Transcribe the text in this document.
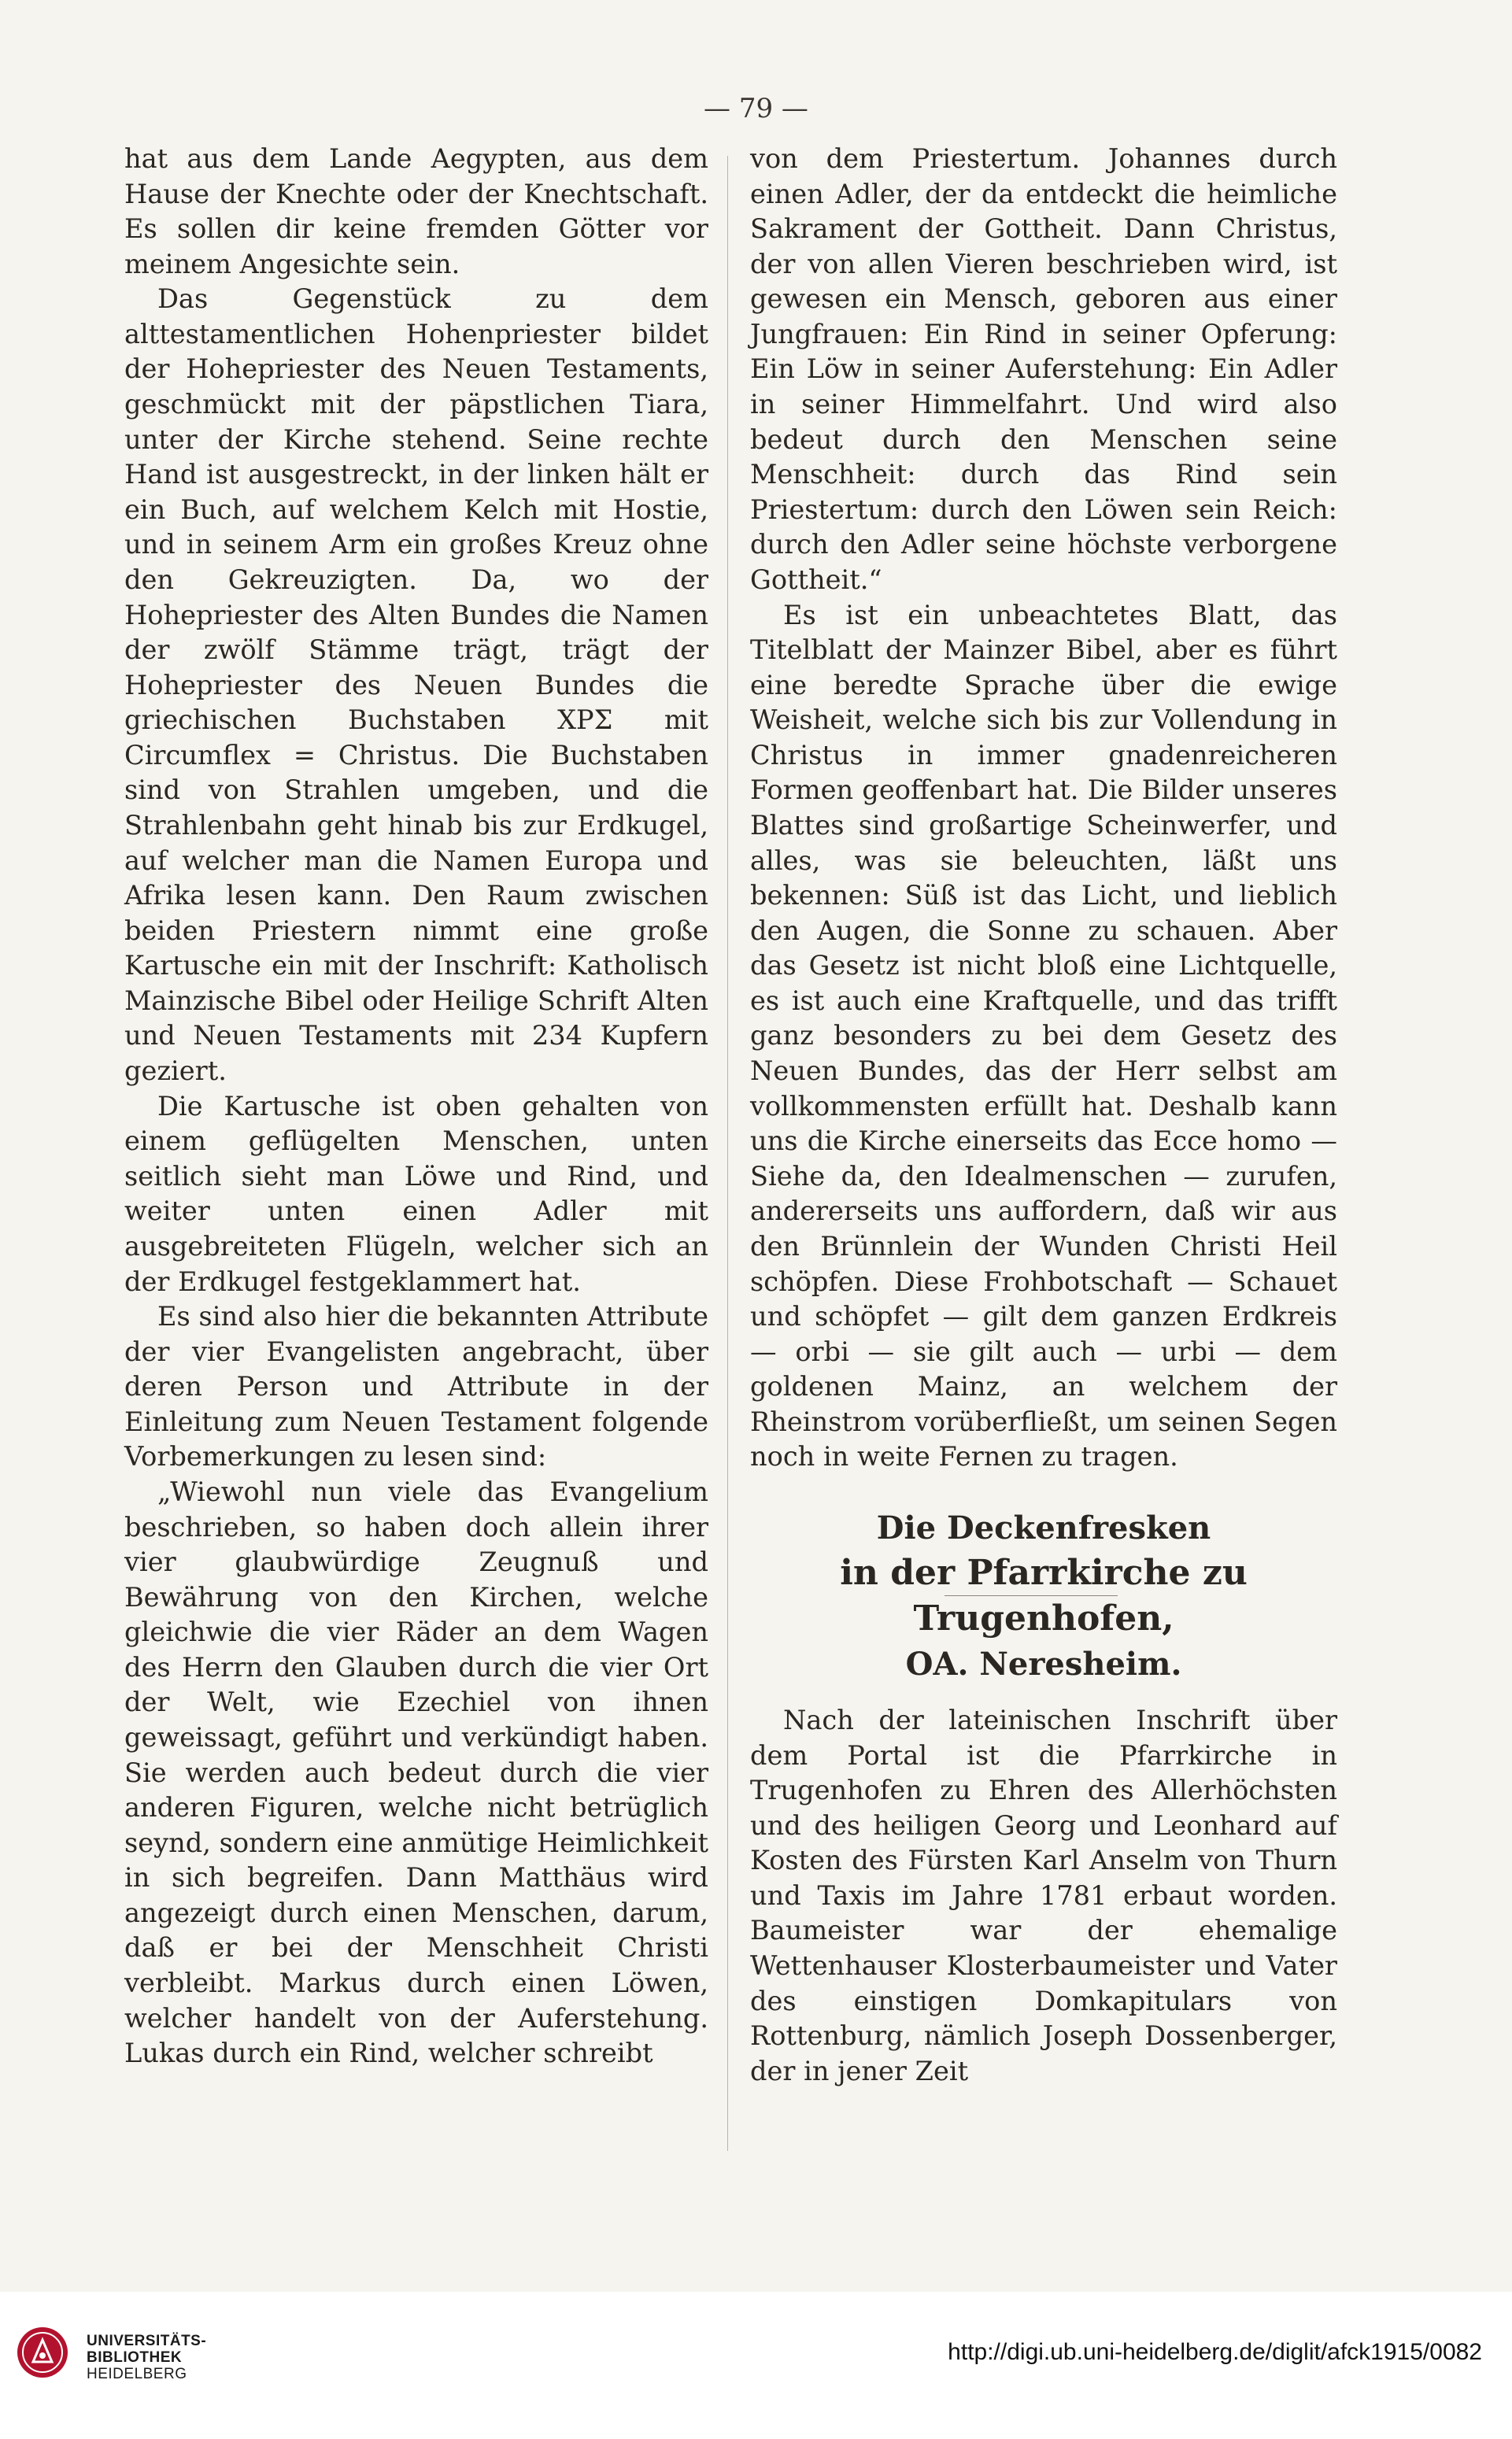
— 79 —

hat aus dem Lande Aegypten, aus dem Hause der Knechte oder der Knechtschaft. Es sollen dir keine fremden Götter vor meinem Angesichte sein.

Das Gegenstück zu dem alttestamentlichen Hohenpriester bildet der Hohepriester des Neuen Testaments, geschmückt mit der päpstlichen Tiara, unter der Kirche stehend. Seine rechte Hand ist ausgestreckt, in der linken hält er ein Buch, auf welchem Kelch mit Hostie, und in seinem Arm ein großes Kreuz ohne den Gekreuzigten. Da, wo der Hohepriester des Alten Bundes die Namen der zwölf Stämme trägt, trägt der Hohepriester des Neuen Bundes die griechischen Buchstaben XPΣ mit Circumflex = Christus. Die Buchstaben sind von Strahlen umgeben, und die Strahlenbahn geht hinab bis zur Erdkugel, auf welcher man die Namen Europa und Afrika lesen kann. Den Raum zwischen beiden Priestern nimmt eine große Kartusche ein mit der Inschrift: Katholisch Mainzische Bibel oder Heilige Schrift Alten und Neuen Testaments mit 234 Kupfern geziert.

Die Kartusche ist oben gehalten von einem geflügelten Menschen, unten seitlich sieht man Löwe und Rind, und weiter unten einen Adler mit ausgebreiteten Flügeln, welcher sich an der Erdkugel festgeklammert hat.

Es sind also hier die bekannten Attribute der vier Evangelisten angebracht, über deren Person und Attribute in der Einleitung zum Neuen Testament folgende Vorbemerkungen zu lesen sind:

„Wiewohl nun viele das Evangelium beschrieben, so haben doch allein ihrer vier glaubwürdige Zeugnuß und Bewährung von den Kirchen, welche gleichwie die vier Räder an dem Wagen des Herrn den Glauben durch die vier Ort der Welt, wie Ezechiel von ihnen geweissagt, geführt und verkündigt haben. Sie werden auch bedeut durch die vier anderen Figuren, welche nicht betrüglich seynd, sondern eine anmütige Heimlichkeit in sich begreifen. Dann Matthäus wird angezeigt durch einen Menschen, darum, daß er bei der Menschheit Christi verbleibt. Markus durch einen Löwen, welcher handelt von der Auferstehung. Lukas durch ein Rind, welcher schreibt

von dem Priestertum. Johannes durch einen Adler, der da entdeckt die heimliche Sakrament der Gottheit. Dann Christus, der von allen Vieren beschrieben wird, ist gewesen ein Mensch, geboren aus einer Jungfrauen: Ein Rind in seiner Opferung: Ein Löw in seiner Auferstehung: Ein Adler in seiner Himmelfahrt. Und wird also bedeut durch den Menschen seine Menschheit: durch das Rind sein Priestertum: durch den Löwen sein Reich: durch den Adler seine höchste verborgene Gottheit.“

Es ist ein unbeachtetes Blatt, das Titelblatt der Mainzer Bibel, aber es führt eine beredte Sprache über die ewige Weisheit, welche sich bis zur Vollendung in Christus in immer gnadenreicheren Formen geoffenbart hat. Die Bilder unseres Blattes sind großartige Scheinwerfer, und alles, was sie beleuchten, läßt uns bekennen: Süß ist das Licht, und lieblich den Augen, die Sonne zu schauen. Aber das Gesetz ist nicht bloß eine Lichtquelle, es ist auch eine Kraftquelle, und das trifft ganz besonders zu bei dem Gesetz des Neuen Bundes, das der Herr selbst am vollkommensten erfüllt hat. Deshalb kann uns die Kirche einerseits das Ecce homo — Siehe da, den Idealmenschen — zurufen, andererseits uns auffordern, daß wir aus den Brünnlein der Wunden Christi Heil schöpfen. Diese Frohbotschaft — Schauet und schöpfet — gilt dem ganzen Erdkreis — orbi — sie gilt auch — urbi — dem goldenen Mainz, an welchem der Rheinstrom vorüberfließt, um seinen Segen noch in weite Fernen zu tragen.

Die Deckenfresken

in der Pfarrkirche zu Trugenhofen,

OA. Neresheim.

Nach der lateinischen Inschrift über dem Portal ist die Pfarrkirche in Trugenhofen zu Ehren des Allerhöchsten und des heiligen Georg und Leonhard auf Kosten des Fürsten Karl Anselm von Thurn und Taxis im Jahre 1781 erbaut worden. Baumeister war der ehemalige Wettenhauser Klosterbaumeister und Vater des einstigen Domkapitulars von Rottenburg, nämlich Joseph Dossenberger, der in jener Zeit

UNIVERSITÄTS-
BIBLIOTHEK
HEIDELBERG
http://digi.ub.uni-heidelberg.de/diglit/afck1915/0082
